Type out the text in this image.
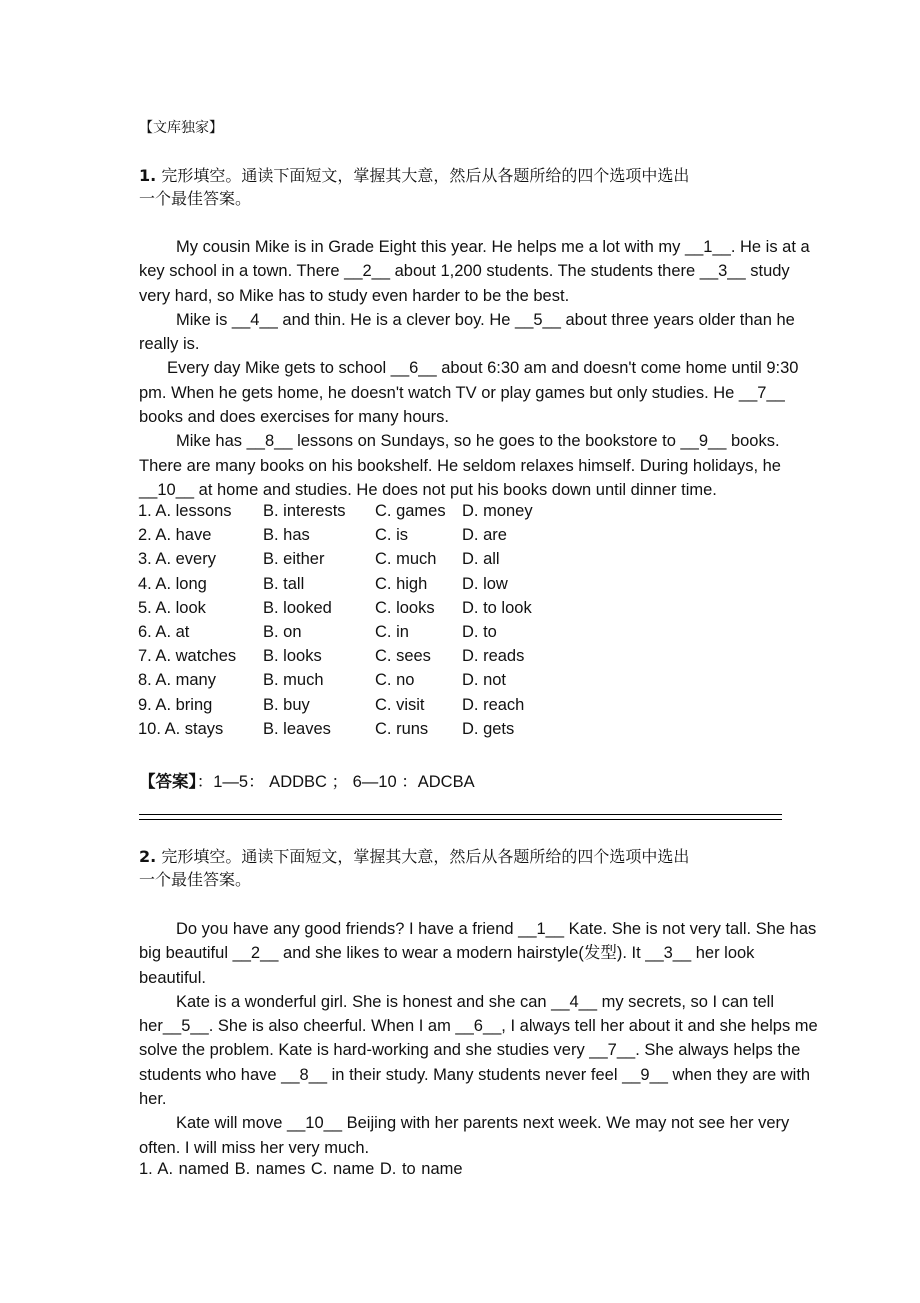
【文库独家】
1. 完形填空。通读下面短文，掌握其大意，然后从各题所给的四个选项中选出
一个最佳答案。

My cousin Mike is in Grade Eight this year. He helps me a lot with my __1__. He is at a key school in a town. There __2__ about 1,200 students. The students there __3__ study very hard, so Mike has to study even harder to be the best.

Mike is __4__ and thin. He is a clever boy. He __5__ about three years older than he really is.

Every day Mike gets to school __6__ about 6:30 am and doesn't come home until 9:30 pm. When he gets home, he doesn't watch TV or play games but only studies. He __7__ books and does exercises for many hours.

Mike has __8__ lessons on Sundays, so he goes to the bookstore to __9__ books. There are many books on his bookshelf. He seldom relaxes himself. During holidays, he __10__ at home and studies. He does not put his books down until dinner time.

1. A. lessons	B. interests	C. games	D. money
2. A. have	B. has	C. is	D. are
3. A. every	B. either	C. much	D. all
4. A. long	B. tall	C. high	D. low
5. A. look	B. looked	C. looks	D. to look
6. A. at	B. on	C. in	D. to
7. A. watches	B. looks	C. sees	D. reads
8. A. many	B. much	C. no	D. not
9. A. bring	B. buy	C. visit	D. reach
10. A. stays	B. leaves	C. runs	D. gets
【答案】：1—5： ADDBC ； 6—10 ：ADCBA
2. 完形填空。通读下面短文，掌握其大意，然后从各题所给的四个选项中选出
一个最佳答案。

Do you have any good friends? I have a friend __1__ Kate. She is not very tall. She has big beautiful __2__ and she likes to wear a modern hairstyle(发型). It __3__ her look beautiful.

Kate is a wonderful girl. She is honest and she can __4__ my secrets, so I can tell her__5__. She is also cheerful. When I am __6__, I always tell her about it and she helps me solve the problem. Kate is hard-working and she studies very __7__. She always helps the students who have __8__ in their study. Many students never feel __9__ when they are with her.

Kate will move __10__ Beijing with her parents next week. We may not see her very often. I will miss her very much.

1. A. named B. names C. name D. to name
